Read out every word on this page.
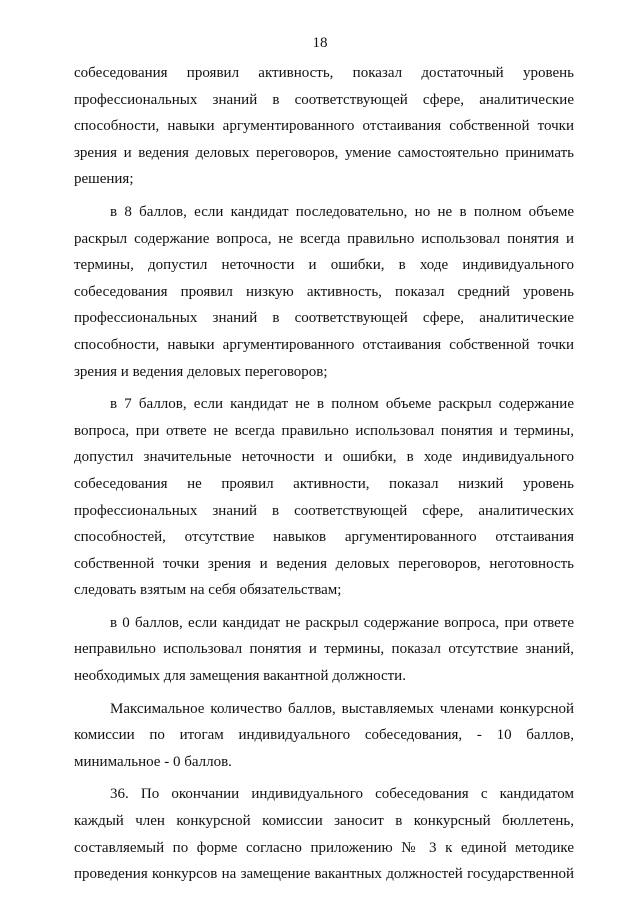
18
собеседования проявил активность, показал достаточный уровень
профессиональных знаний в соответствующей сфере, аналитические
способности, навыки аргументированного отстаивания собственной точки
зрения и ведения деловых переговоров, умение самостоятельно принимать
решения;
в 8 баллов, если кандидат последовательно, но не в полном объеме
раскрыл содержание вопроса, не всегда правильно использовал понятия и
термины, допустил неточности и ошибки, в ходе индивидуального
собеседования проявил низкую активность, показал средний уровень
профессиональных знаний в соответствующей сфере, аналитические
способности, навыки аргументированного отстаивания собственной точки
зрения и ведения деловых переговоров;
в 7 баллов, если кандидат не в полном объеме раскрыл содержание
вопроса, при ответе не всегда правильно использовал понятия и термины,
допустил значительные неточности и ошибки, в ходе индивидуального
собеседования не проявил активности, показал низкий уровень
профессиональных знаний в соответствующей сфере, аналитических
способностей, отсутствие навыков аргументированного отстаивания
собственной точки зрения и ведения деловых переговоров, неготовность
следовать взятым на себя обязательствам;
в 0 баллов, если кандидат не раскрыл содержание вопроса, при ответе
неправильно использовал понятия и термины, показал отсутствие знаний,
необходимых для замещения вакантной должности.
Максимальное количество баллов, выставляемых членами конкурсной
комиссии по итогам индивидуального собеседования, - 10 баллов,
минимальное - 0 баллов.
36. По окончании индивидуального собеседования с кандидатом
каждый член конкурсной комиссии заносит в конкурсный бюллетень,
составляемый по форме согласно приложению № 3 к единой методике
проведения конкурсов на замещение вакантных должностей государственной
